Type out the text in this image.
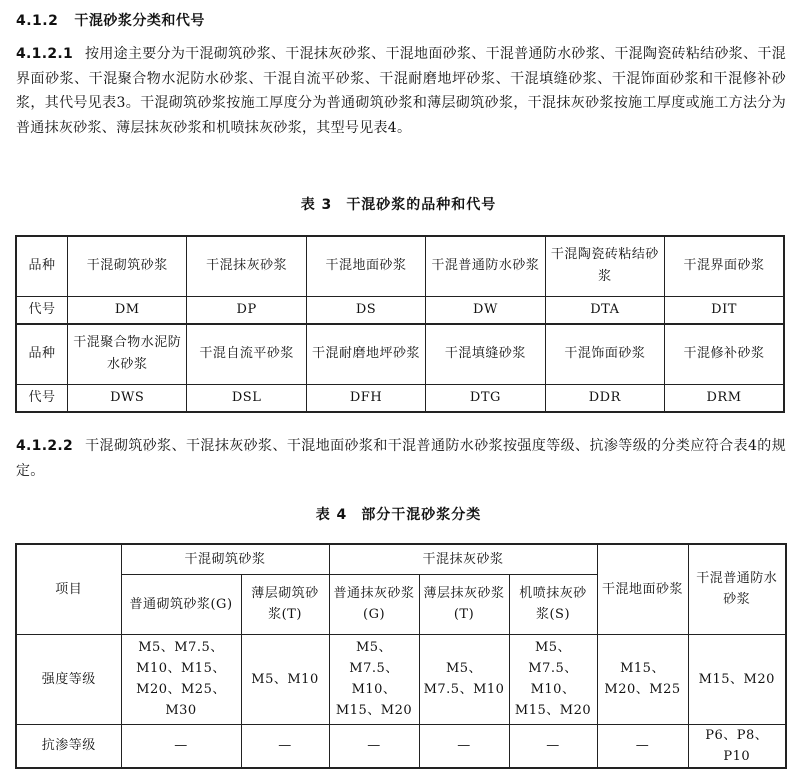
4.1.2 干混砂浆分类和代号
4.1.2.1 按用途主要分为干混砌筑砂浆、干混抹灰砂浆、干混地面砂浆、干混普通防水砂浆、干混陶瓷砖粘结砂浆、干混界面砂浆、干混聚合物水泥防水砂浆、干混自流平砂浆、干混耐磨地坪砂浆、干混填缝砂浆、干混饰面砂浆和干混修补砂浆，其代号见表3。干混砌筑砂浆按施工厚度分为普通砌筑砂浆和薄层砌筑砂浆，干混抹灰砂浆按施工厚度或施工方法分为普通抹灰砂浆、薄层抹灰砂浆和机喷抹灰砂浆，其型号见表4。
表 3 干混砂浆的品种和代号
品种	干混砌筑砂浆	干混抹灰砂浆	干混地面砂浆	干混普通防水砂浆	干混陶瓷砖粘结砂浆	干混界面砂浆
代号	DM	DP	DS	DW	DTA	DIT
品种	干混聚合物水泥防水砂浆	干混自流平砂浆	干混耐磨地坪砂浆	干混填缝砂浆	干混饰面砂浆	干混修补砂浆
代号	DWS	DSL	DFH	DTG	DDR	DRM
4.1.2.2 干混砌筑砂浆、干混抹灰砂浆、干混地面砂浆和干混普通防水砂浆按强度等级、抗渗等级的分类应符合表4的规定。
表 4 部分干混砂浆分类
项目	干混砌筑砂浆		干混抹灰砂浆			干混地面砂浆	干混普通防水砂浆
	普通砌筑砂浆(G)	薄层砌筑砂浆(T)	普通抹灰砂浆(G)	薄层抹灰砂浆(T)	机喷抹灰砂浆(S)		
强度等级	M5、M7.5、M10、M15、M20、M25、M30	M5、M10	M5、M7.5、M10、M15、M20	M5、M7.5、M10	M5、M7.5、M10、M15、M20	M15、M20、M25	M15、M20
抗渗等级	—	—	—	—	—	—	P6、P8、P10
